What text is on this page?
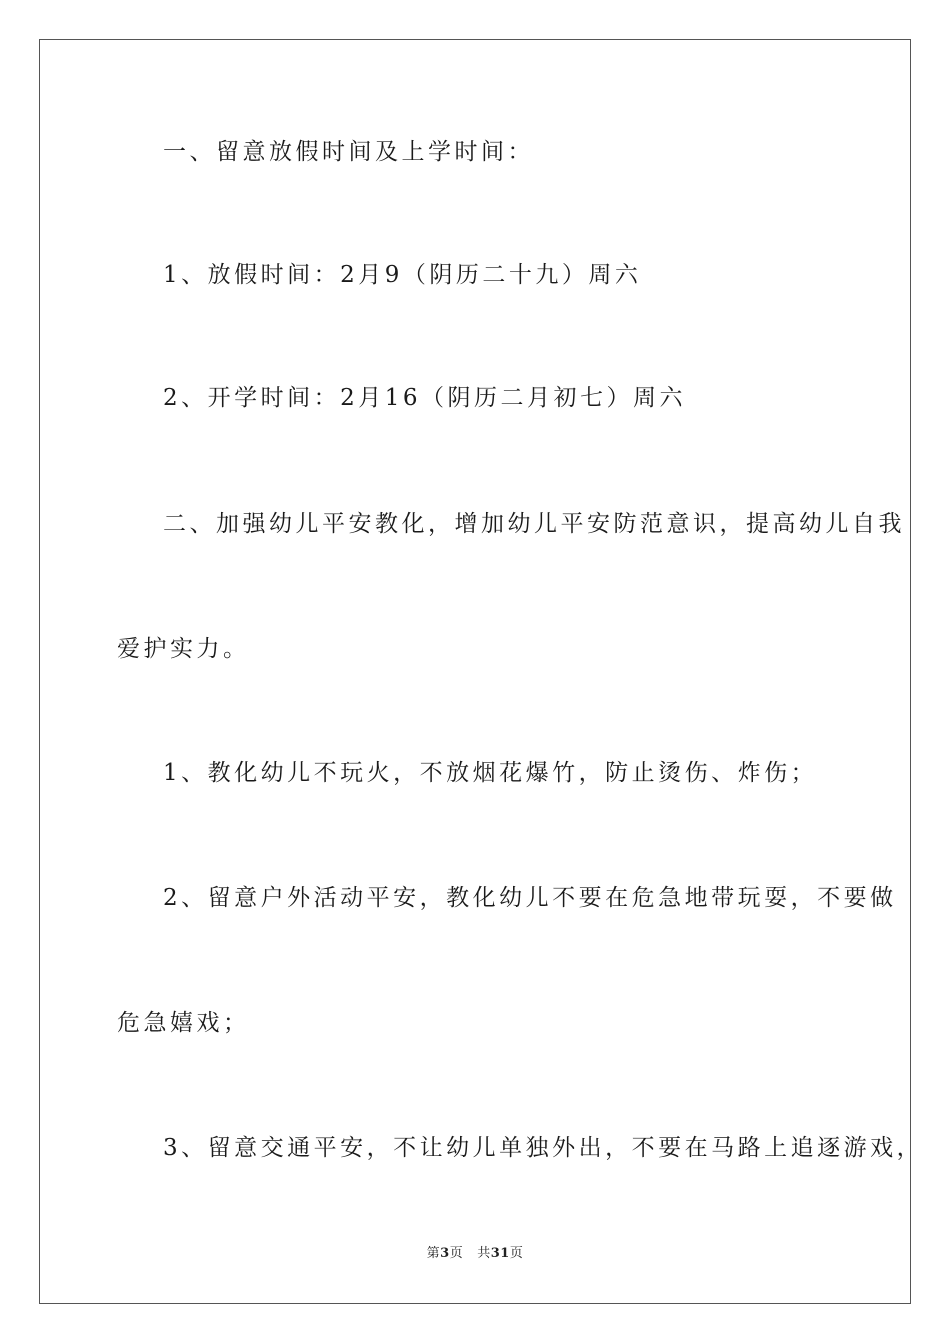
一、留意放假时间及上学时间：
1、放假时间：2月9（阴历二十九）周六
2、开学时间：2月16（阴历二月初七）周六
二、加强幼儿平安教化，增加幼儿平安防范意识，提高幼儿自我
爱护实力。
1、教化幼儿不玩火，不放烟花爆竹，防止烫伤、炸伤；
2、留意户外活动平安，教化幼儿不要在危急地带玩耍，不要做
危急嬉戏；
3、留意交通平安，不让幼儿单独外出，不要在马路上追逐游戏，
第3页 共31页
